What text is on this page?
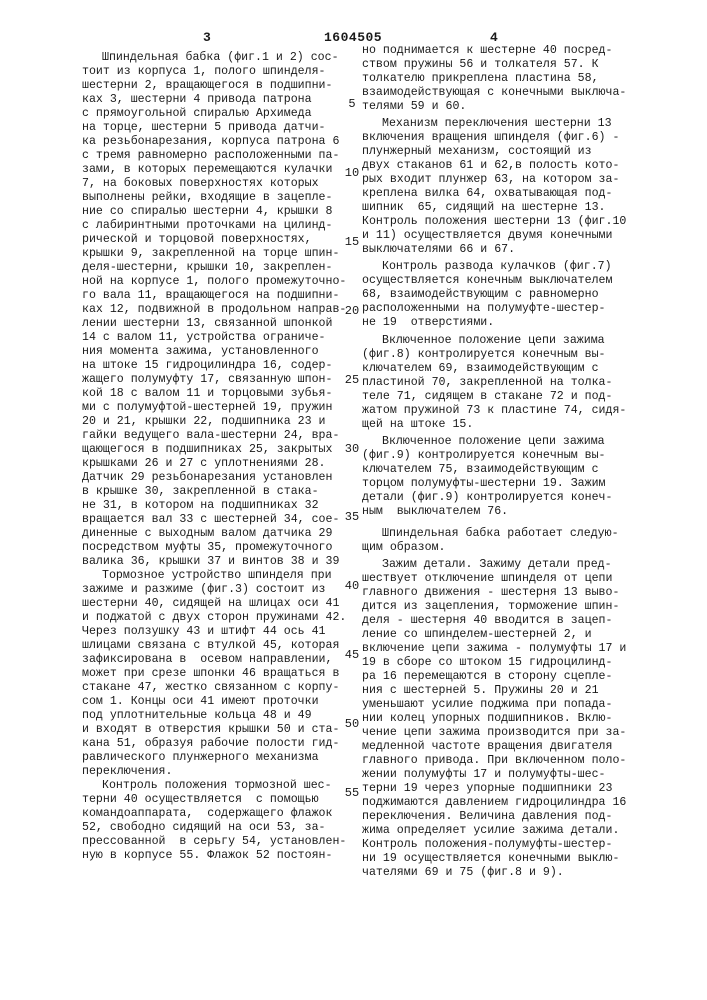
3	1604505	4
Шпиндельная бабка (фиг.1 и 2) сос-
тоит из корпуса 1, полого шпинделя-
шестерни 2, вращающегося в подшипни-
ках 3, шестерни 4 привода патрона
с прямоугольной спиралью Архимеда
на торце, шестерни 5 привода датчи-
ка резьбонарезания, корпуса патрона 6
с тремя равномерно расположенными па-
зами, в которых перемещаются кулачки
7, на боковых поверхностях которых
выполнены рейки, входящие в зацепле-
ние со спиралью шестерни 4, крышки 8
с лабиринтными проточками на цилинд-
рической и торцовой поверхностях,
крышки 9, закрепленной на торце шпин-
деля-шестерни, крышки 10, закреплен-
ной на корпусе 1, полого промежуточно-
го вала 11, вращающегося на подшипни-
ках 12, подвижной в продольном направ-
лении шестерни 13, связанной шпонкой
14 с валом 11, устройства ограниче-
ния момента зажима, установленного
на штоке 15 гидроцилиндра 16, содер-
жащего полумуфту 17, связанную шпон-
кой 18 с валом 11 и торцовыми зубья-
ми с полумуфтой-шестерней 19, пружин
20 и 21, крышки 22, подшипника 23 и
гайки ведущего вала-шестерни 24, вра-
щающегося в подшипниках 25, закрытых
крышками 26 и 27 с уплотнениями 28.
Датчик 29 резьбонарезания установлен
в крышке 30, закрепленной в стака-
не 31, в котором на подшипниках 32
вращается вал 33 с шестерней 34, сое-
диненные с выходным валом датчика 29
посредством муфты 35, промежуточного
валика 36, крышки 37 и винтов 38 и 39
Тормозное устройство шпинделя при
зажиме и разжиме (фиг.3) состоит из
шестерни 40, сидящей на шлицах оси 41
и поджатой с двух сторон пружинами 42.
Через ползушку 43 и штифт 44 ось 41
шлицами связана с втулкой 45, которая
зафиксирована в  осевом направлении,
может при срезе шпонки 46 вращаться в
стакане 47, жестко связанном с корпу-
сом 1. Концы оси 41 имеют проточки
под уплотнительные кольца 48 и 49
и входят в отверстия крышки 50 и ста-
кана 51, образуя рабочие полости гид-
равлического плунжерного механизма
переключения.
Контроль положения тормозной шес-
терни 40 осуществляется  с помощью
командоаппарата,  содержащего флажок
52, свободно сидящий на оси 53, за-
прессованной  в серьгу 54, установлен-
ную в корпусе 55. Флажок 52 постоян-
5
10
15
20
25
30
35
40
45
50
55
но поднимается к шестерне 40 посред-
ством пружины 56 и толкателя 57. К
толкателю прикреплена пластина 58,
взаимодействующая с конечными выключа-
телями 59 и 60.
Механизм переключения шестерни 13
включения вращения шпинделя (фиг.6) -
плунжерный механизм, состоящий из
двух стаканов 61 и 62,в полость кото-
рых входит плунжер 63, на котором за-
креплена вилка 64, охватывающая под-
шипник  65, сидящий на шестерне 13.
Контроль положения шестерни 13 (фиг.10
и 11) осуществляется двумя конечными
выключателями 66 и 67.
Контроль развода кулачков (фиг.7)
осуществляется конечным выключателем
68, взаимодействующим с равномерно
расположенными на полумуфте-шестер-
не 19  отверстиями.
Включенное положение цепи зажима
(фиг.8) контролируется конечным вы-
ключателем 69, взаимодействующим с
пластиной 70, закрепленной на толка-
теле 71, сидящем в стакане 72 и под-
жатом пружиной 73 к пластине 74, сидя-
щей на штоке 15.
Включенное положение цепи зажима
(фиг.9) контролируется конечным вы-
ключателем 75, взаимодействующим с
торцом полумуфты-шестерни 19. Зажим
детали (фиг.9) контролируется конеч-
ным  выключателем 76.
Шпиндельная бабка работает следую-
щим образом.
Зажим детали. Зажиму детали пред-
шествует отключение шпинделя от цепи
главного движения - шестерня 13 выво-
дится из зацепления, торможение шпин-
деля - шестерня 40 вводится в зацеп-
ление со шпинделем-шестерней 2, и
включение цепи зажима - полумуфты 17 и
19 в сборе со штоком 15 гидроцилинд-
ра 16 перемещаются в сторону сцепле-
ния с шестерней 5. Пружины 20 и 21
уменьшают усилие поджима при попада-
нии колец упорных подшипников. Вклю-
чение цепи зажима производится при за-
медленной частоте вращения двигателя
главного привода. При включенном поло-
жении полумуфты 17 и полумуфты-шес-
терни 19 через упорные подшипники 23
поджимаются давлением гидроцилиндра 16
переключения. Величина давления под-
жима определяет усилие зажима детали.
Контроль положения-полумуфты-шестер-
ни 19 осуществляется конечными выклю-
чателями 69 и 75 (фиг.8 и 9).
